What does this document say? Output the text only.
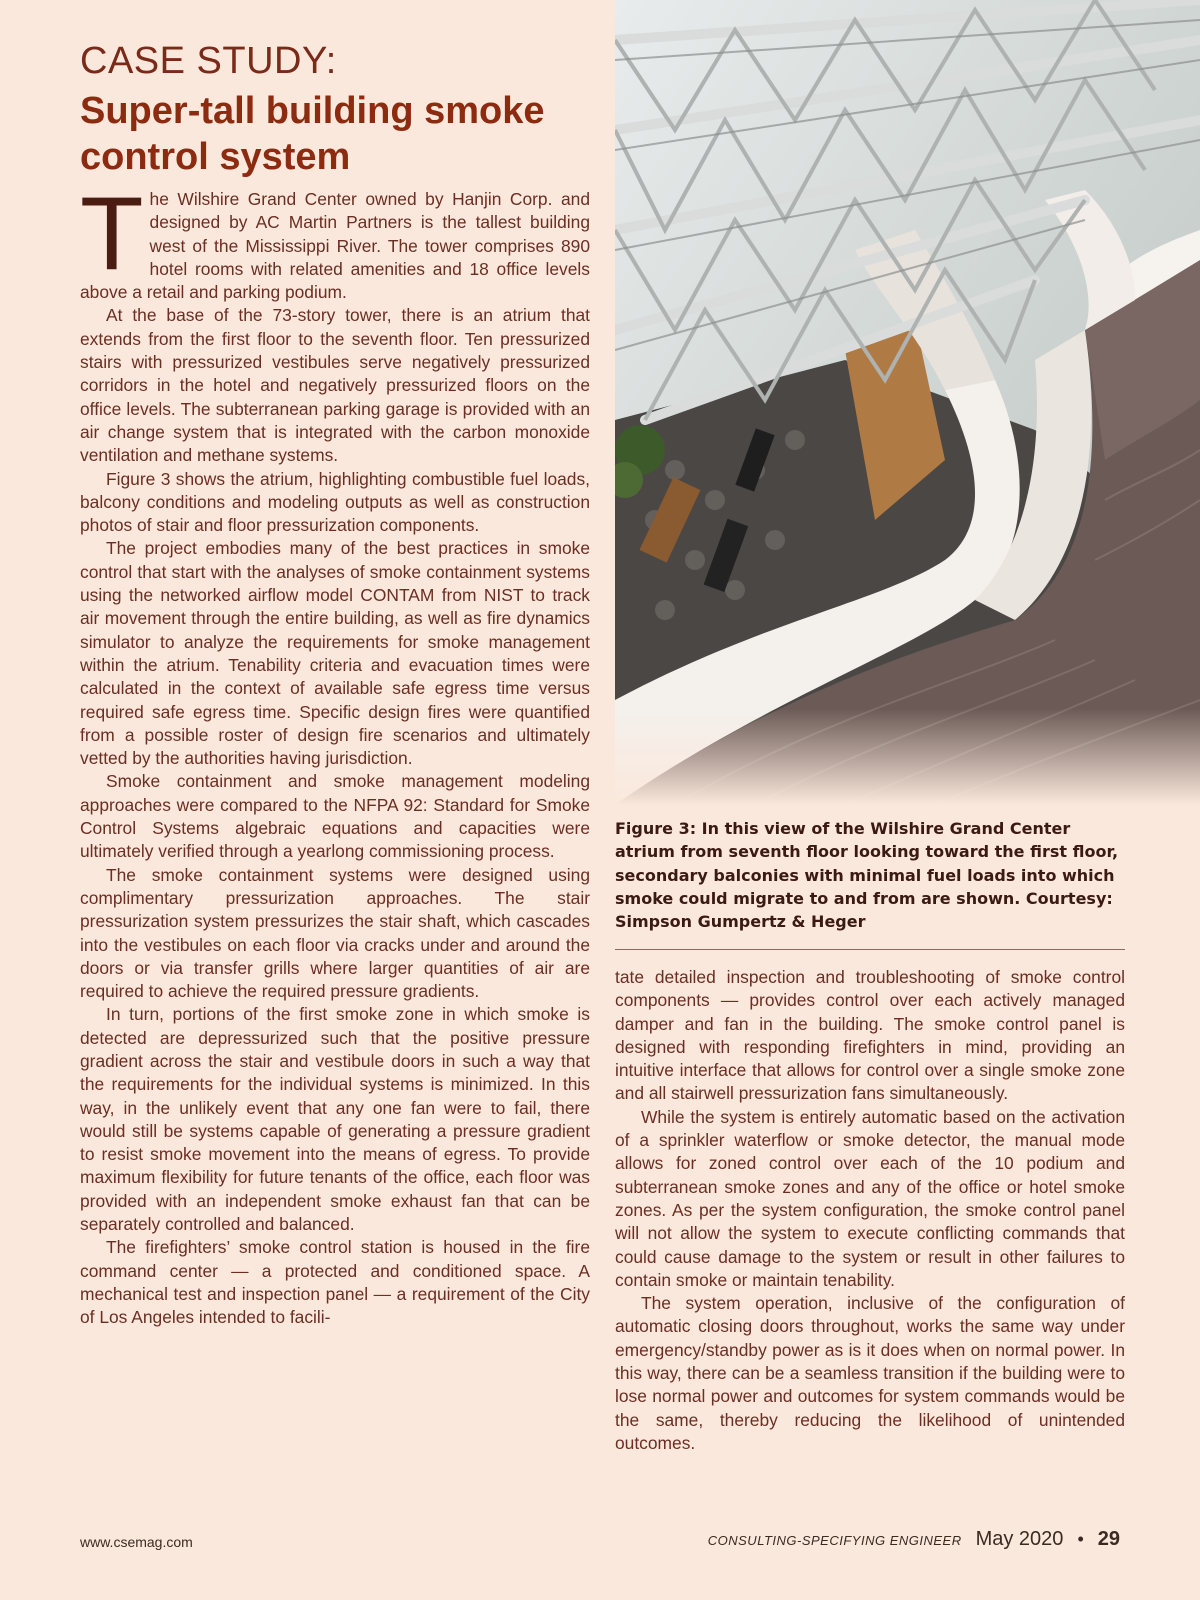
CASE STUDY:
Super-tall building smoke control system

The Wilshire Grand Center owned by Hanjin Corp. and designed by AC Martin Partners is the tallest building west of the Mississippi River. The tower comprises 890 hotel rooms with related amenities and 18 office levels above a retail and parking podium.

At the base of the 73-story tower, there is an atrium that extends from the first floor to the seventh floor. Ten pressurized stairs with pressurized vestibules serve negatively pressurized corridors in the hotel and negatively pressurized floors on the office levels. The subterranean parking garage is provided with an air change system that is integrated with the carbon monoxide ventilation and methane systems.

Figure 3 shows the atrium, highlighting combustible fuel loads, balcony conditions and modeling outputs as well as construction photos of stair and floor pressurization components.

The project embodies many of the best practices in smoke control that start with the analyses of smoke containment systems using the networked airflow model CONTAM from NIST to track air movement through the entire building, as well as fire dynamics simulator to analyze the requirements for smoke management within the atrium. Tenability criteria and evacuation times were calculated in the context of available safe egress time versus required safe egress time. Specific design fires were quantified from a possible roster of design fire scenarios and ultimately vetted by the authorities having jurisdiction.

Smoke containment and smoke management modeling approaches were compared to the NFPA 92: Standard for Smoke Control Systems algebraic equations and capacities were ultimately verified through a yearlong commissioning process.

The smoke containment systems were designed using complimentary pressurization approaches. The stair pressurization system pressurizes the stair shaft, which cascades into the vestibules on each floor via cracks under and around the doors or via transfer grills where larger quantities of air are required to achieve the required pressure gradients.

In turn, portions of the first smoke zone in which smoke is detected are depressurized such that the positive pressure gradient across the stair and vestibule doors in such a way that the requirements for the individual systems is minimized. In this way, in the unlikely event that any one fan were to fail, there would still be systems capable of generating a pressure gradient to resist smoke movement into the means of egress. To provide maximum flexibility for future tenants of the office, each floor was provided with an independent smoke exhaust fan that can be separately controlled and balanced.

The firefighters’ smoke control station is housed in the fire command center — a protected and conditioned space. A mechanical test and inspection panel — a requirement of the City of Los Angeles intended to facili-

Figure 3: In this view of the Wilshire Grand Center atrium from seventh floor looking toward the first floor, secondary balconies with minimal fuel loads into which smoke could migrate to and from are shown. Courtesy: Simpson Gumpertz & Heger

tate detailed inspection and troubleshooting of smoke control components — provides control over each actively managed damper and fan in the building. The smoke control panel is designed with responding firefighters in mind, providing an intuitive interface that allows for control over a single smoke zone and all stairwell pressurization fans simultaneously.

While the system is entirely automatic based on the activation of a sprinkler waterflow or smoke detector, the manual mode allows for zoned control over each of the 10 podium and subterranean smoke zones and any of the office or hotel smoke zones. As per the system configuration, the smoke control panel will not allow the system to execute conflicting commands that could cause damage to the system or result in other failures to contain smoke or maintain tenability.

The system operation, inclusive of the configuration of automatic closing doors throughout, works the same way under emergency/standby power as is it does when on normal power. In this way, there can be a seamless transition if the building were to lose normal power and outcomes for system commands would be the same, thereby reducing the likelihood of unintended outcomes.

www.csemag.com	CONSULTING-SPECIFYING ENGINEER May 2020 • 29
